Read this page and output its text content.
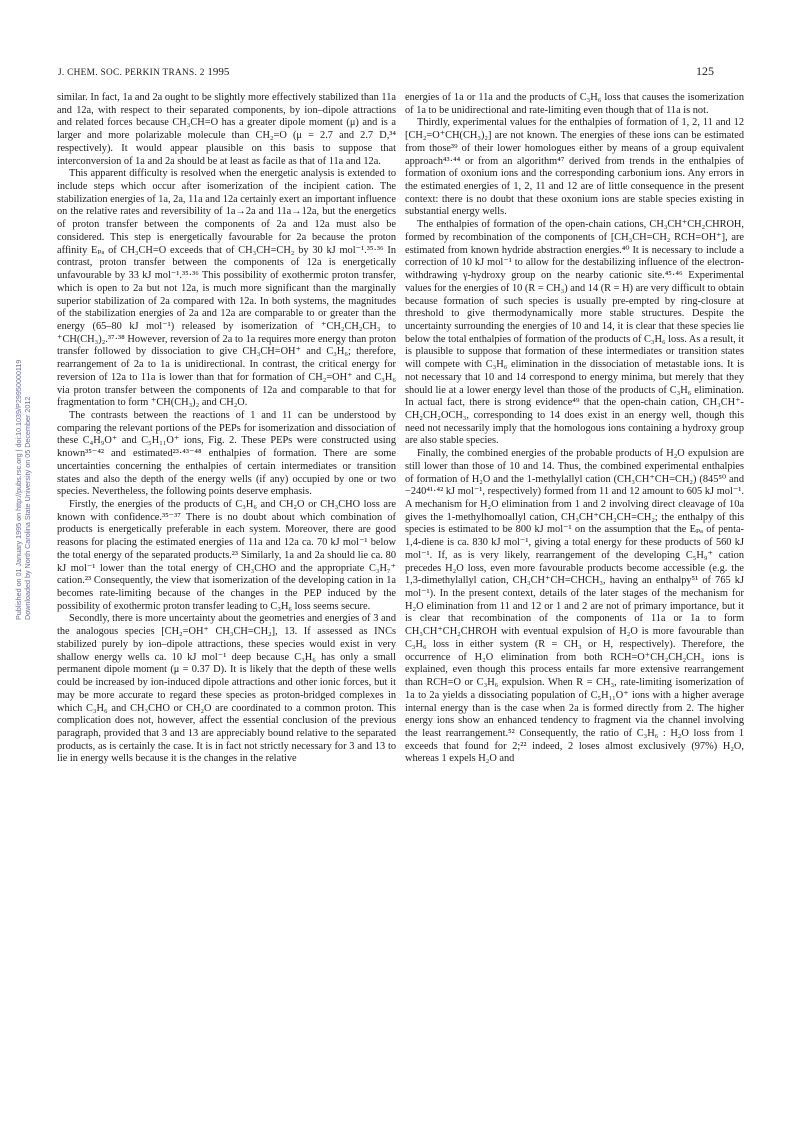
Published on 01 January 1995 on http://pubs.rsc.org | doi:10.1039/P29950000119 Downloaded by North Carolina State University on 05 December 2012
J. CHEM. SOC. PERKIN TRANS. 2 1995	125

similar. In fact, 1a and 2a ought to be slightly more effectively stabilized than 11a and 12a, with respect to their separated components, by ion–dipole attractions and related forces because CH₃CH=O has a greater dipole moment (μ) and is a larger and more polarizable molecule than CH₂=O (μ = 2.7 and 2.7 D,³⁴ respectively). It would appear plausible on this basis to suppose that interconversion of 1a and 2a should be at least as facile as that of 11a and 12a.

This apparent difficulty is resolved when the energetic analysis is extended to include steps which occur after isomerization of the incipient cation. The stabilization energies of 1a, 2a, 11a and 12a certainly exert an important influence on the relative rates and reversibility of 1a→2a and 11a→12a, but the energetics of proton transfer between the components of 2a and 12a must also be considered. This step is energetically favourable for 2a because the proton affinity Eₚₐ of CH₃CH=O exceeds that of CH₃CH=CH₂ by 30 kJ mol⁻¹.³⁵·³⁶ In contrast, proton transfer between the components of 12a is energetically unfavourable by 33 kJ mol⁻¹.³⁵·³⁶ This possibility of exothermic proton transfer, which is open to 2a but not 12a, is much more significant than the marginally superior stabilization of 2a compared with 12a. In both systems, the magnitudes of the stabilization energies of 2a and 12a are comparable to or greater than the energy (65–80 kJ mol⁻¹) released by isomerization of ⁺CH₂CH₂CH₃ to ⁺CH(CH₃)₂.³⁷·³⁸ However, reversion of 2a to 1a requires more energy than proton transfer followed by dissociation to give CH₃CH=OH⁺ and C₃H₆; therefore, rearrangement of 2a to 1a is unidirectional. In contrast, the critical energy for reversion of 12a to 11a is lower than that for formation of CH₂=OH⁺ and C₃H₆ via proton transfer between the components of 12a and comparable to that for fragmentation to form ⁺CH(CH₃)₂ and CH₂O.

The contrasts between the reactions of 1 and 11 can be understood by comparing the relevant portions of the PEPs for isomerization and dissociation of these C₄H₉O⁺ and C₅H₁₁O⁺ ions, Fig. 2. These PEPs were constructed using known³⁵⁻⁴² and estimated²³·⁴³⁻⁴⁸ enthalpies of formation. There are some uncertainties concerning the enthalpies of certain intermediates or transition states and also the depth of the energy wells (if any) occupied by one or two species. Nevertheless, the following points deserve emphasis.

Firstly, the energies of the products of C₃H₆ and CH₂O or CH₃CHO loss are known with confidence.³⁵⁻³⁷ There is no doubt about which combination of products is energetically preferable in each system. Moreover, there are good reasons for placing the estimated energies of 11a and 12a ca. 70 kJ mol⁻¹ below the total energy of the separated products.²³ Similarly, 1a and 2a should lie ca. 80 kJ mol⁻¹ lower than the total energy of CH₃CHO and the appropriate C₃H₇⁺ cation.²³ Consequently, the view that isomerization of the developing cation in 1a becomes rate-limiting because of the changes in the PEP induced by the possibility of exothermic proton transfer leading to C₃H₆ loss seems secure.

Secondly, there is more uncertainty about the geometries and energies of 3 and the analogous species [CH₂=OH⁺ CH₃CH=CH₂], 13. If assessed as INCs stabilized purely by ion–dipole attractions, these species would exist in very shallow energy wells ca. 10 kJ mol⁻¹ deep because C₃H₆ has only a small permanent dipole moment (μ = 0.37 D). It is likely that the depth of these wells could be increased by ion-induced dipole attractions and other ionic forces, but it may be more accurate to regard these species as proton-bridged complexes in which C₃H₆ and CH₃CHO or CH₂O are coordinated to a common proton. This complication does not, however, affect the essential conclusion of the previous paragraph, provided that 3 and 13 are appreciably bound relative to the separated products, as is certainly the case. It is in fact not strictly necessary for 3 and 13 to lie in energy wells because it is the changes in the relative

energies of 1a or 11a and the products of C₃H₆ loss that causes the isomerization of 1a to be unidirectional and rate-limiting even though that of 11a is not.

Thirdly, experimental values for the enthalpies of formation of 1, 2, 11 and 12 [CH₂=O⁺CH(CH₃)₂] are not known. The energies of these ions can be estimated from those³⁹ of their lower homologues either by means of a group equivalent approach⁴³·⁴⁴ or from an algorithm⁴⁷ derived from trends in the enthalpies of formation of oxonium ions and the corresponding carbonium ions. Any errors in the estimated energies of 1, 2, 11 and 12 are of little consequence in the present context: there is no doubt that these oxonium ions are stable species existing in substantial energy wells.

The enthalpies of formation of the open-chain cations, CH₃CH⁺CH₂CHROH, formed by recombination of the components of [CH₃CH=CH₂ RCH=OH⁺], are estimated from known hydride abstraction energies.⁴⁰ It is necessary to include a correction of 10 kJ mol⁻¹ to allow for the destabilizing influence of the electron-withdrawing γ-hydroxy group on the nearby cationic site.⁴⁵·⁴⁶ Experimental values for the energies of 10 (R = CH₃) and 14 (R = H) are very difficult to obtain because formation of such species is usually pre-empted by ring-closure at threshold to give thermodynamically more stable structures. Despite the uncertainty surrounding the energies of 10 and 14, it is clear that these species lie below the total enthalpies of formation of the products of C₃H₆ loss. As a result, it is plausible to suppose that formation of these intermediates or transition states will compete with C₃H₆ elimination in the dissociation of metastable ions. It is not necessary that 10 and 14 correspond to energy minima, but merely that they should lie at a lower energy level than those of the products of C₃H₆ elimination. In actual fact, there is strong evidence⁴⁹ that the open-chain cation, CH₃CH⁺-CH₂CH₂OCH₃, corresponding to 14 does exist in an energy well, though this need not necessarily imply that the homologous ions containing a hydroxy group are also stable species.

Finally, the combined energies of the probable products of H₂O expulsion are still lower than those of 10 and 14. Thus, the combined experimental enthalpies of formation of H₂O and the 1-methylallyl cation (CH₃CH⁺CH=CH₂) (845⁵⁰ and −240⁴¹·⁴² kJ mol⁻¹, respectively) formed from 11 and 12 amount to 605 kJ mol⁻¹. A mechanism for H₂O elimination from 1 and 2 involving direct cleavage of 10a gives the 1-methylhomoallyl cation, CH₃CH⁺CH₂CH=CH₂; the enthalpy of this species is estimated to be 800 kJ mol⁻¹ on the assumption that the Eₚₐ of penta-1,4-diene is ca. 830 kJ mol⁻¹, giving a total energy for these products of 560 kJ mol⁻¹. If, as is very likely, rearrangement of the developing C₅H₉⁺ cation precedes H₂O loss, even more favourable products become accessible (e.g. the 1,3-dimethylallyl cation, CH₃CH⁺CH=CHCH₃, having an enthalpy⁵¹ of 765 kJ mol⁻¹). In the present context, details of the later stages of the mechanism for H₂O elimination from 11 and 12 or 1 and 2 are not of primary importance, but it is clear that recombination of the components of 11a or 1a to form CH₃CH⁺CH₂CHROH with eventual expulsion of H₂O is more favourable than C₃H₆ loss in either system (R = CH₃ or H, respectively). Therefore, the occurrence of H₂O elimination from both RCH=O⁺CH₂CH₂CH₃ ions is explained, even though this process entails far more extensive rearrangement than RCH=O or C₃H₆ expulsion. When R = CH₃, rate-limiting isomerization of 1a to 2a yields a dissociating population of C₅H₁₁O⁺ ions with a higher average internal energy than is the case when 2a is formed directly from 2. The higher energy ions show an enhanced tendency to fragment via the channel involving the least rearrangement.⁵² Consequently, the ratio of C₃H₆ : H₂O loss from 1 exceeds that found for 2;²² indeed, 2 loses almost exclusively (97%) H₂O, whereas 1 expels H₂O and
